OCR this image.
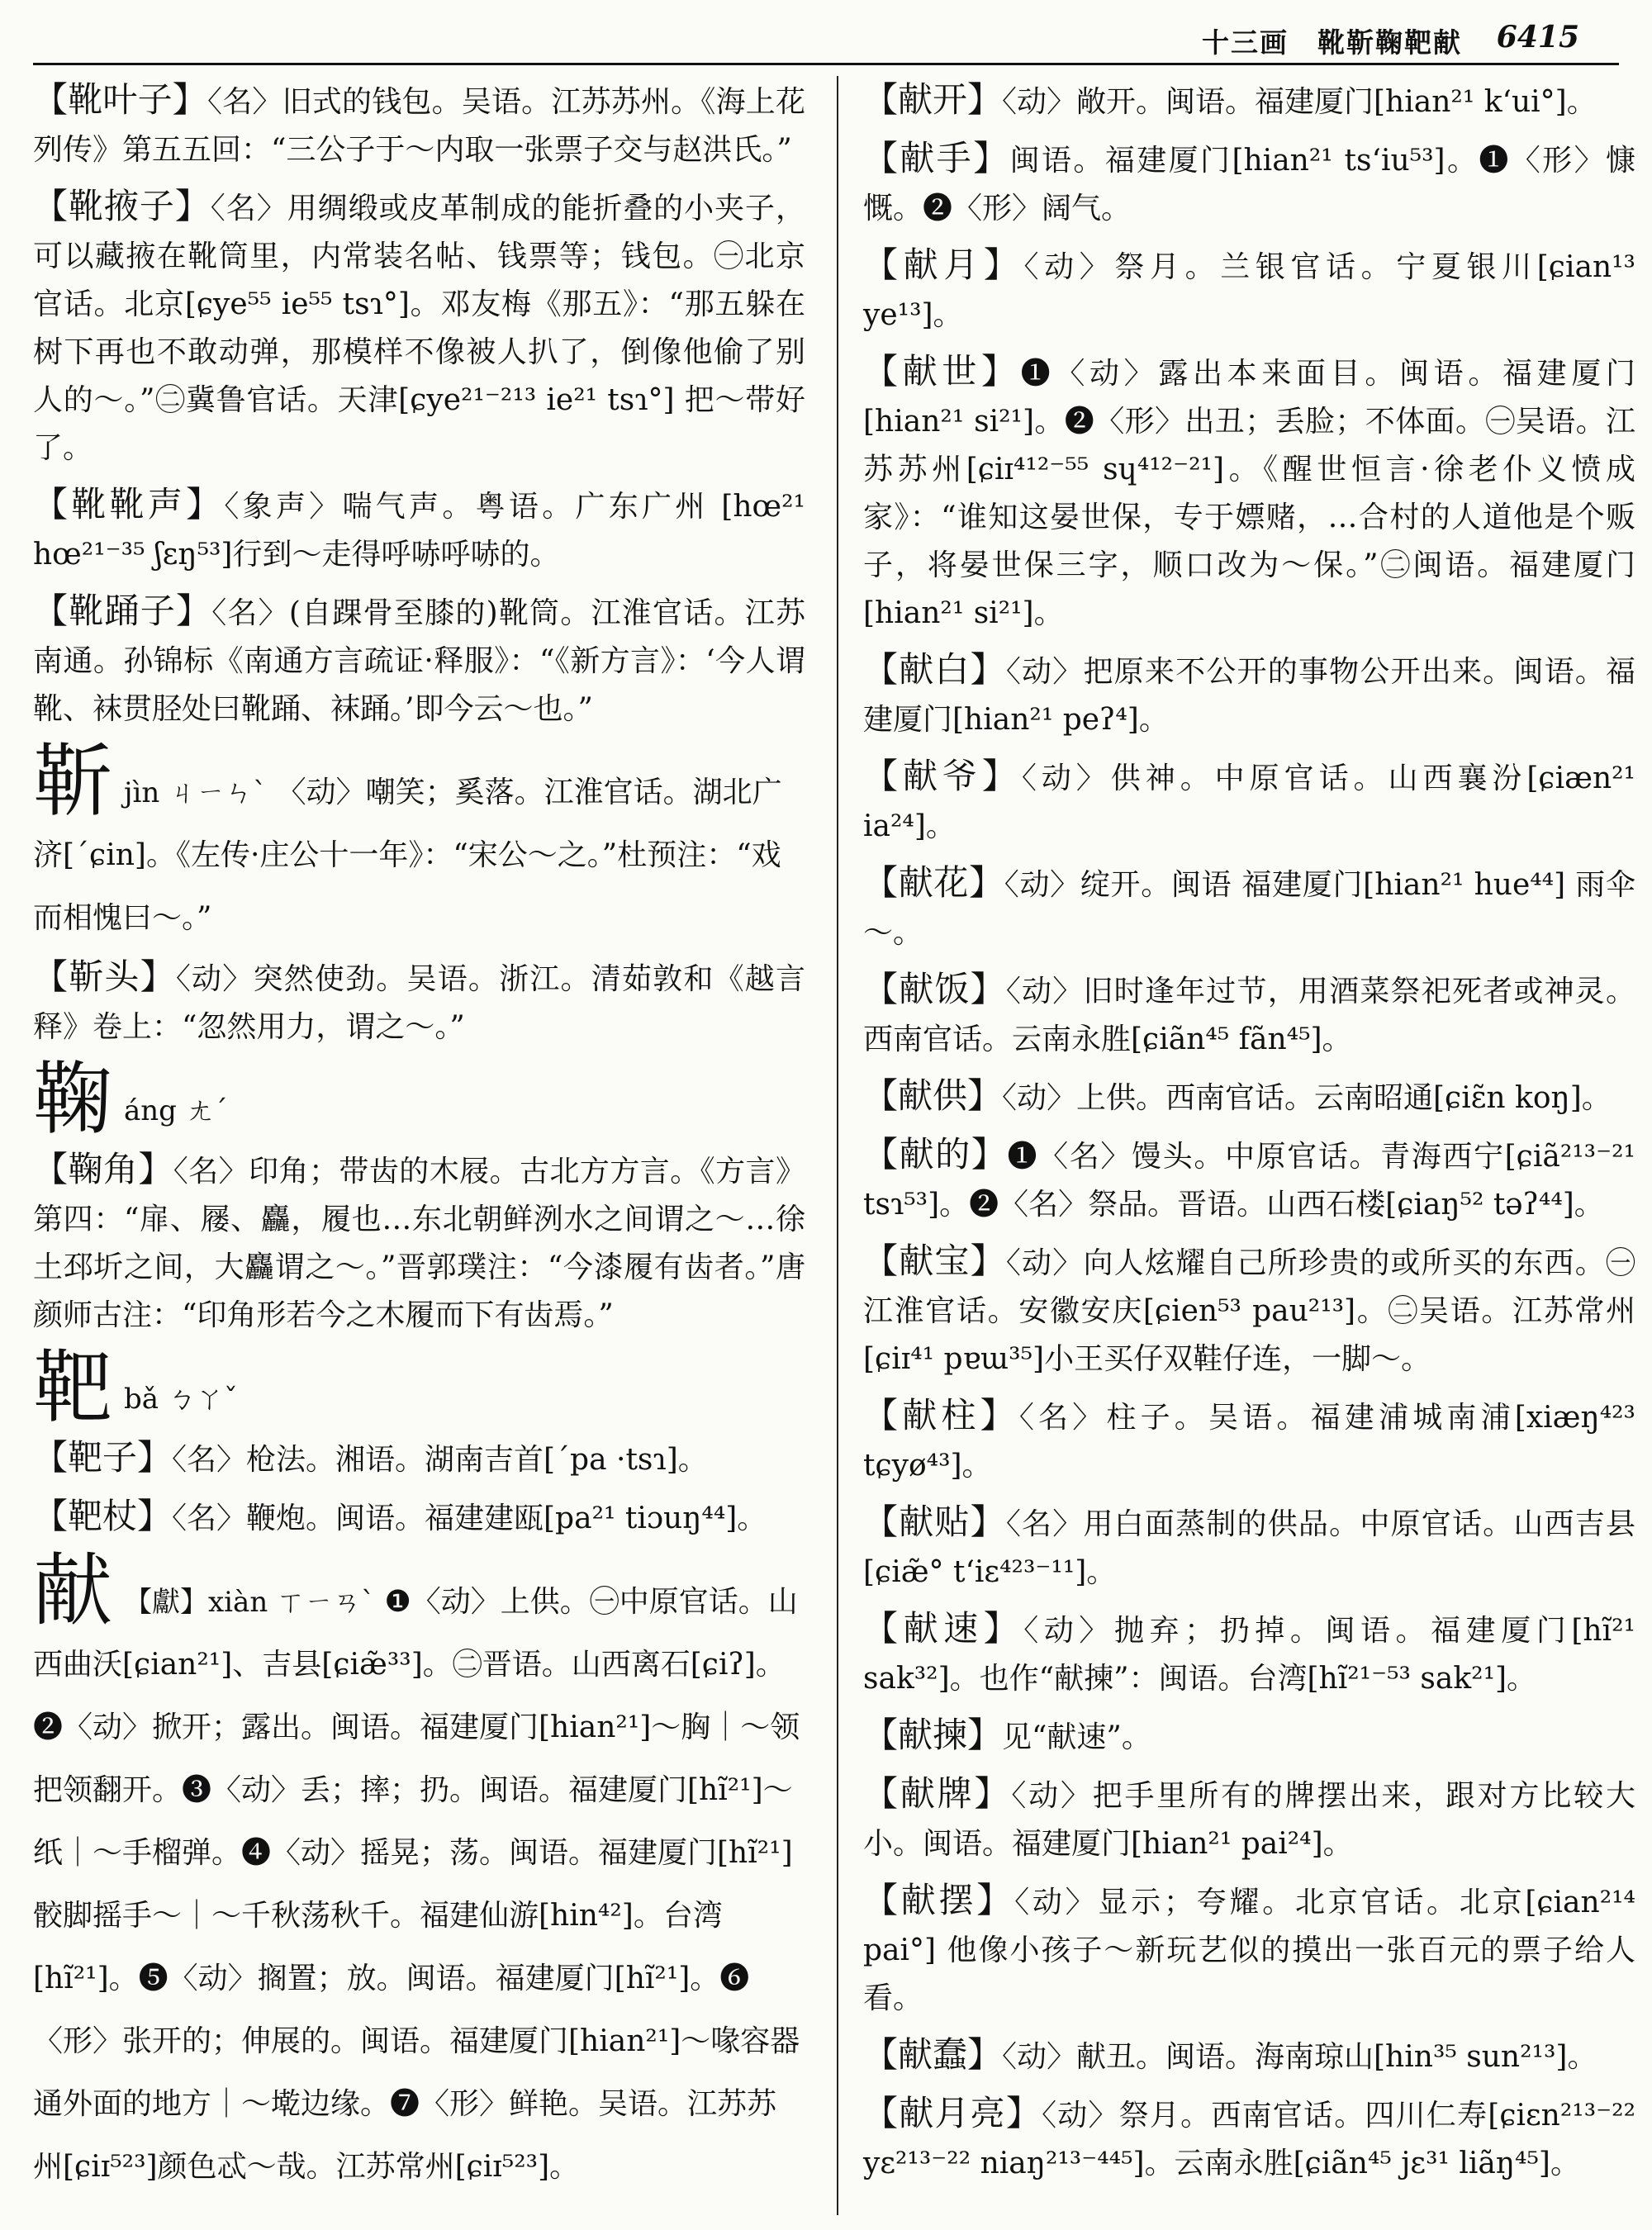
十三画　靴靳鞠靶献 6415
【靴叶子】〈名〉旧式的钱包。吴语。江苏苏州。《海上花列传》第五五回：“三公子于～内取一张票子交与赵洪氏。”
【靴掖子】〈名〉用绸缎或皮革制成的能折叠的小夹子，可以藏掖在靴筒里，内常装名帖、钱票等；钱包。㊀北京官话。北京[ɕye⁵⁵ ie⁵⁵ tsɿ°]。邓友梅《那五》：“那五躲在树下再也不敢动弹，那模样不像被人扒了，倒像他偷了别人的～。”㊁冀鲁官话。天津[ɕye²¹⁻²¹³ ie²¹ tsɿ°] 把～带好了。
【靴靴声】〈象声〉喘气声。粤语。广东广州 [hœ²¹ hœ²¹⁻³⁵ ʃɛŋ⁵³]行到～走得呼哧呼哧的。
【靴踊子】〈名〉(自踝骨至膝的)靴筒。江淮官话。江苏南通。孙锦标《南通方言疏证·释服》：“《新方言》：‘今人谓靴、袜贯胫处曰靴踊、袜踊。’即今云～也。”
靳jìn ㄐㄧㄣˋ 〈动〉嘲笑；奚落。江淮官话。湖北广济[ˊɕin]。《左传·庄公十一年》：“宋公～之。”杜预注：“戏而相愧曰～。”
【靳头】〈动〉突然使劲。吴语。浙江。清茹敦和《越言释》卷上：“忽然用力，谓之～。”
鞠áng ㄤˊ
【鞠角】〈名〉印角；带齿的木屐。古北方方言。《方言》第四：“扉、屦、麤，履也…东北朝鲜洌水之间谓之～…徐土邳圻之间，大麤谓之～。”晋郭璞注：“今漆履有齿者。”唐颜师古注：“印角形若今之木履而下有齿焉。”
靶bǎ ㄅㄚˇ
【靶子】〈名〉枪法。湘语。湖南吉首[ˊpa ·tsɿ]。
【靶杖】〈名〉鞭炮。闽语。福建建瓯[pa²¹ tiɔuŋ⁴⁴]。
献 【獻】xiàn ㄒㄧㄢˋ ❶〈动〉上供。㊀中原官话。山西曲沃[ɕian²¹]、吉县[ɕiæ̃³³]。㊁晋语。山西离石[ɕiʔ]。❷〈动〉掀开；露出。闽语。福建厦门[hian²¹]～胸｜～领把领翻开。❸〈动〉丢；摔；扔。闽语。福建厦门[hĩ²¹]～纸｜～手榴弹。❹〈动〉摇晃；荡。闽语。福建厦门[hĩ²¹]骹脚摇手～｜～千秋荡秋千。福建仙游[hin⁴²]。台湾[hĩ²¹]。❺〈动〉搁置；放。闽语。福建厦门[hĩ²¹]。❻〈形〉张开的；伸展的。闽语。福建厦门[hian²¹]～喙容器通外面的地方｜～墘边缘。❼〈形〉鲜艳。吴语。江苏苏州[ɕiɪ⁵²³]颜色忒～哉。江苏常州[ɕiɪ⁵²³]。
【献开】〈动〉敞开。闽语。福建厦门[hian²¹ kʻui°]。
【献手】闽语。福建厦门[hian²¹ tsʻiu⁵³]。❶〈形〉慷慨。❷〈形〉阔气。
【献月】〈动〉祭月。兰银官话。宁夏银川[ɕian¹³ ye¹³]。
【献世】❶〈动〉露出本来面目。闽语。福建厦门[hian²¹ si²¹]。❷〈形〉出丑；丢脸；不体面。㊀吴语。江苏苏州[ɕiɪ⁴¹²⁻⁵⁵ sɥ⁴¹²⁻²¹]。《醒世恒言·徐老仆义愤成家》：“谁知这晏世保，专于嫖赌，…合村的人道他是个贩子，将晏世保三字，顺口改为～保。”㊁闽语。福建厦门[hian²¹ si²¹]。
【献白】〈动〉把原来不公开的事物公开出来。闽语。福建厦门[hian²¹ peʔ⁴]。
【献爷】〈动〉供神。中原官话。山西襄汾[ɕiæn²¹ ia²⁴]。
【献花】〈动〉绽开。闽语 福建厦门[hian²¹ hue⁴⁴] 雨伞～。
【献饭】〈动〉旧时逢年过节，用酒菜祭祀死者或神灵。西南官话。云南永胜[ɕiãn⁴⁵ fãn⁴⁵]。
【献供】〈动〉上供。西南官话。云南昭通[ɕiɛ̃n koŋ]。
【献的】❶〈名〉馒头。中原官话。青海西宁[ɕiã²¹³⁻²¹ tsɿ⁵³]。❷〈名〉祭品。晋语。山西石楼[ɕiaŋ⁵² təʔ⁴⁴]。
【献宝】〈动〉向人炫耀自己所珍贵的或所买的东西。㊀江淮官话。安徽安庆[ɕien⁵³ pau²¹³]。㊁吴语。江苏常州[ɕiɪ⁴¹ pɐɯ³⁵]小王买仔双鞋仔连，一脚～。
【献柱】〈名〉柱子。吴语。福建浦城南浦[xiæŋ⁴²³ tɕyø⁴³]。
【献贴】〈名〉用白面蒸制的供品。中原官话。山西吉县[ɕiæ̃° tʻiɛ⁴²³⁻¹¹]。
【献速】〈动〉抛弃；扔掉。闽语。福建厦门[hĩ²¹ sak³²]。也作“献揀”：闽语。台湾[hĩ²¹⁻⁵³ sak²¹]。
【献揀】见“献速”。
【献牌】〈动〉把手里所有的牌摆出来，跟对方比较大小。闽语。福建厦门[hian²¹ pai²⁴]。
【献摆】〈动〉显示；夸耀。北京官话。北京[ɕian²¹⁴ pai°] 他像小孩子～新玩艺似的摸出一张百元的票子给人看。
【献蠢】〈动〉献丑。闽语。海南琼山[hin³⁵ sun²¹³]。
【献月亮】〈动〉祭月。西南官话。四川仁寿[ɕiɛn²¹³⁻²² yɛ²¹³⁻²² niaŋ²¹³⁻⁴⁴⁵]。云南永胜[ɕiãn⁴⁵ jɛ³¹ liãŋ⁴⁵]。
